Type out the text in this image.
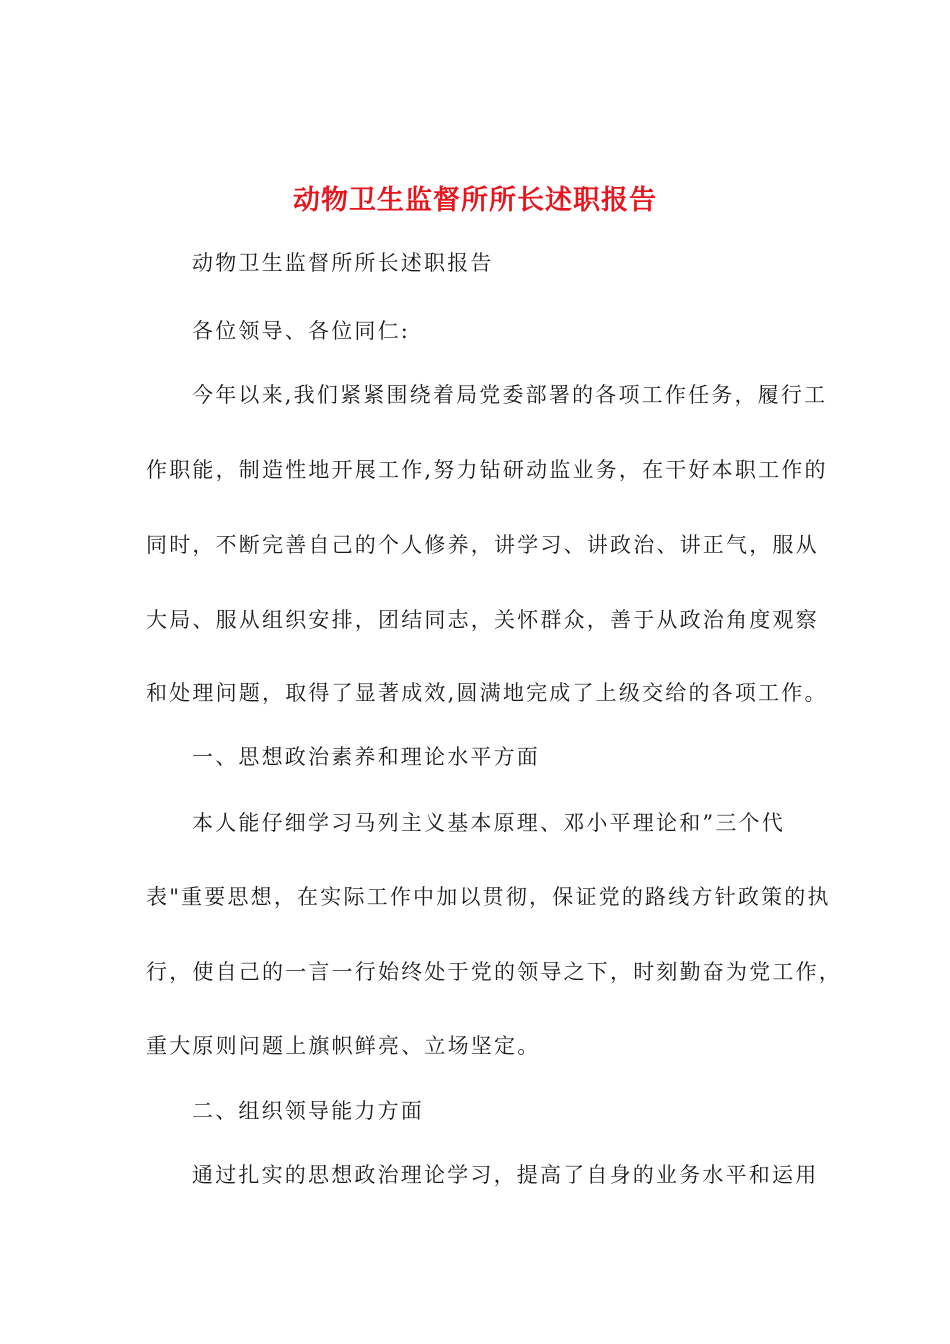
动物卫生监督所所长述职报告

动物卫生监督所所长述职报告

各位领导、各位同仁:

今年以来,我们紧紧围绕着局党委部署的各项工作任务，履行工

作职能，制造性地开展工作,努力钻研动监业务，在干好本职工作的

同时，不断完善自己的个人修养，讲学习、讲政治、讲正气，服从

大局、服从组织安排，团结同志，关怀群众，善于从政治角度观察

和处理问题，取得了显著成效,圆满地完成了上级交给的各项工作。

一、思想政治素养和理论水平方面

本人能仔细学习马列主义基本原理、邓小平理论和”三个代

表"重要思想，在实际工作中加以贯彻，保证党的路线方针政策的执

行，使自己的一言一行始终处于党的领导之下，时刻勤奋为党工作，

重大原则问题上旗帜鲜亮、立场坚定。

二、组织领导能力方面

通过扎实的思想政治理论学习，提高了自身的业务水平和运用
